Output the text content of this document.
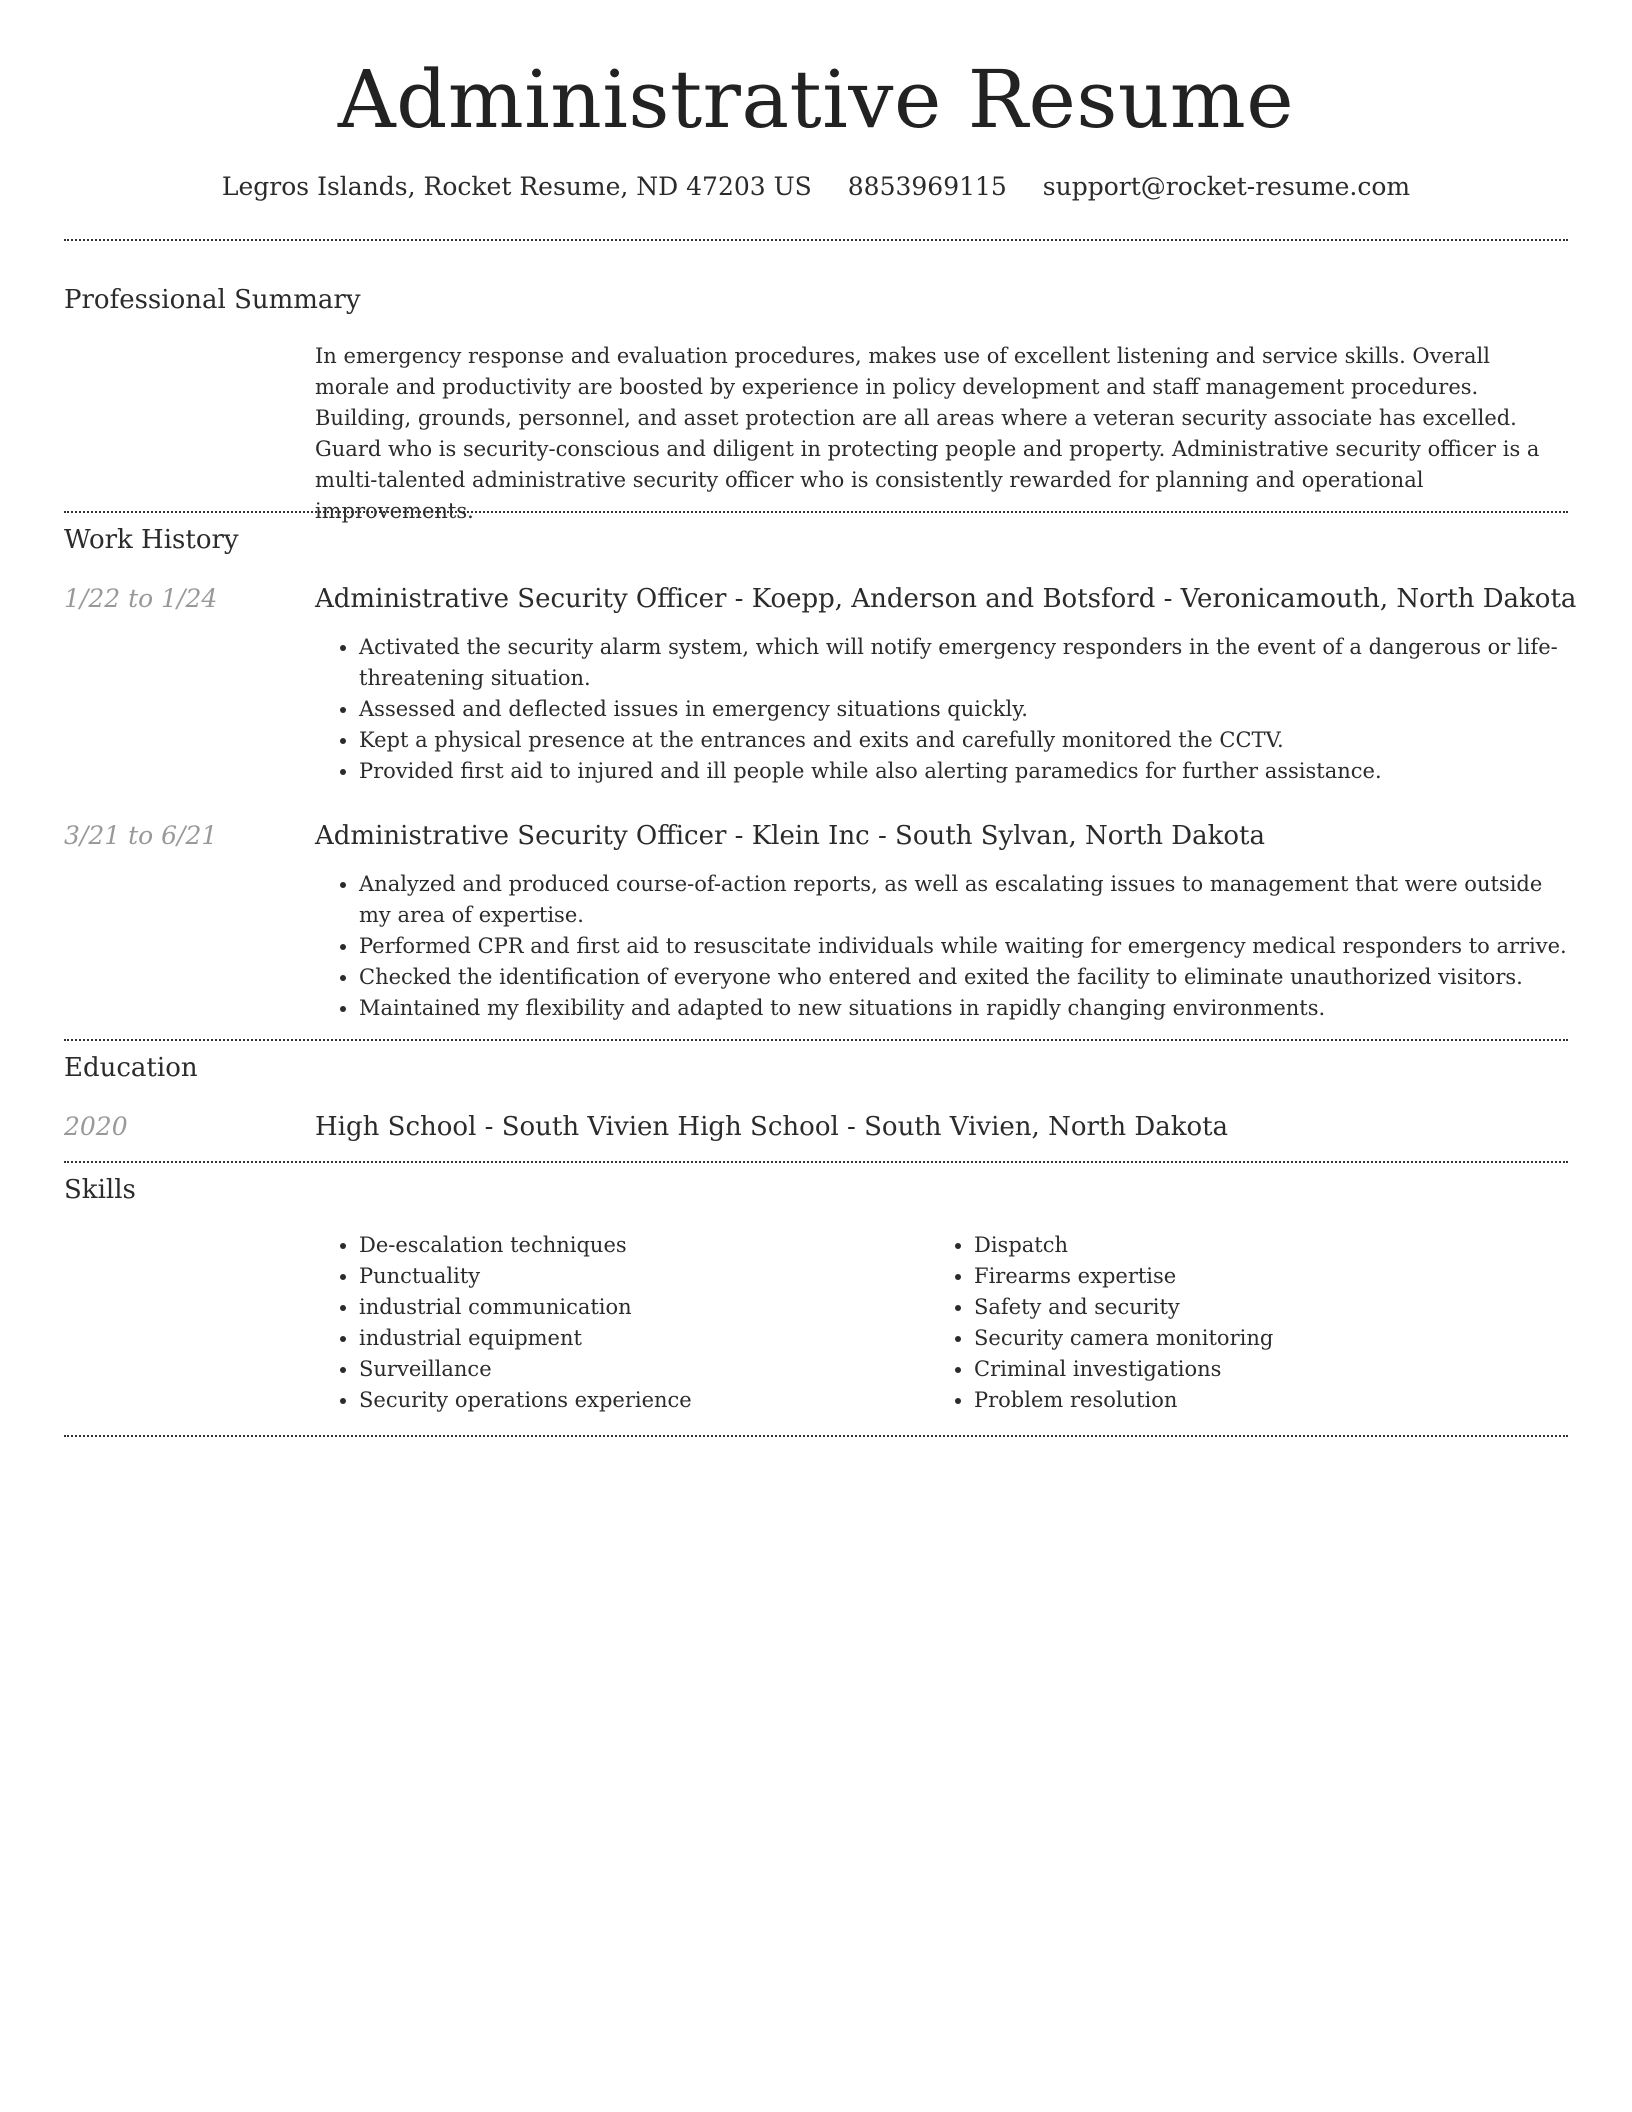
Administrative Resume
Legros Islands, Rocket Resume, ND 47203 US 8853969115 support@rocket-resume.com
Professional Summary
In emergency response and evaluation procedures, makes use of excellent listening and service skills. Overall morale and productivity are boosted by experience in policy development and staff management procedures. Building, grounds, personnel, and asset protection are all areas where a veteran security associate has excelled. Guard who is security-conscious and diligent in protecting people and property. Administrative security officer is a multi-talented administrative security officer who is consistently rewarded for planning and operational improvements.
Work History
1/22 to 1/24	Administrative Security Officer - Koepp, Anderson and Botsford - Veronicamouth, North Dakota
• Activated the security alarm system, which will notify emergency responders in the event of a dangerous or life-threatening situation.
• Assessed and deflected issues in emergency situations quickly.
• Kept a physical presence at the entrances and exits and carefully monitored the CCTV.
• Provided first aid to injured and ill people while also alerting paramedics for further assistance.
3/21 to 6/21	Administrative Security Officer - Klein Inc - South Sylvan, North Dakota
• Analyzed and produced course-of-action reports, as well as escalating issues to management that were outside my area of expertise.
• Performed CPR and first aid to resuscitate individuals while waiting for emergency medical responders to arrive.
• Checked the identification of everyone who entered and exited the facility to eliminate unauthorized visitors.
• Maintained my flexibility and adapted to new situations in rapidly changing environments.
Education
2020	High School - South Vivien High School - South Vivien, North Dakota
Skills
• De-escalation techniques
• Punctuality
• industrial communication
• industrial equipment
• Surveillance
• Security operations experience
• Dispatch
• Firearms expertise
• Safety and security
• Security camera monitoring
• Criminal investigations
• Problem resolution
